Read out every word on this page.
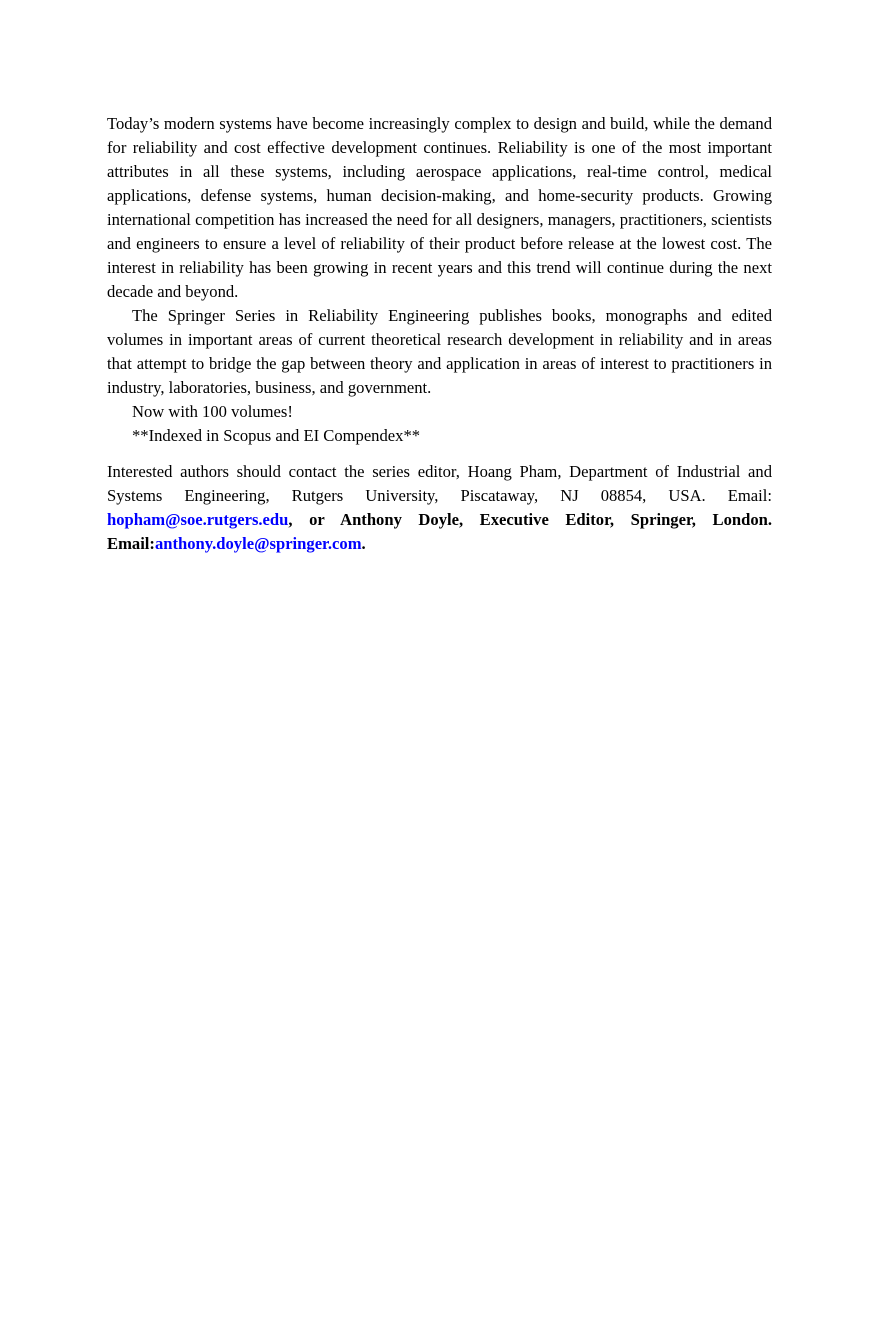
Today’s modern systems have become increasingly complex to design and build, while the demand for reliability and cost effective development continues. Reliability is one of the most important attributes in all these systems, including aerospace applications, real-time control, medical applications, defense systems, human decision-making, and home-security products. Growing international competition has increased the need for all designers, managers, practitioners, scientists and engineers to ensure a level of reliability of their product before release at the lowest cost. The interest in reliability has been growing in recent years and this trend will continue during the next decade and beyond.

The Springer Series in Reliability Engineering publishes books, monographs and edited volumes in important areas of current theoretical research development in reliability and in areas that attempt to bridge the gap between theory and application in areas of interest to practitioners in industry, laboratories, business, and government.

Now with 100 volumes!

**Indexed in Scopus and EI Compendex**

Interested authors should contact the series editor, Hoang Pham, Department of Industrial and Systems Engineering, Rutgers University, Piscataway, NJ 08854, USA. Email: hopham@soe.rutgers.edu, or Anthony Doyle, Executive Editor, Springer, London. Email:anthony.doyle@springer.com.
